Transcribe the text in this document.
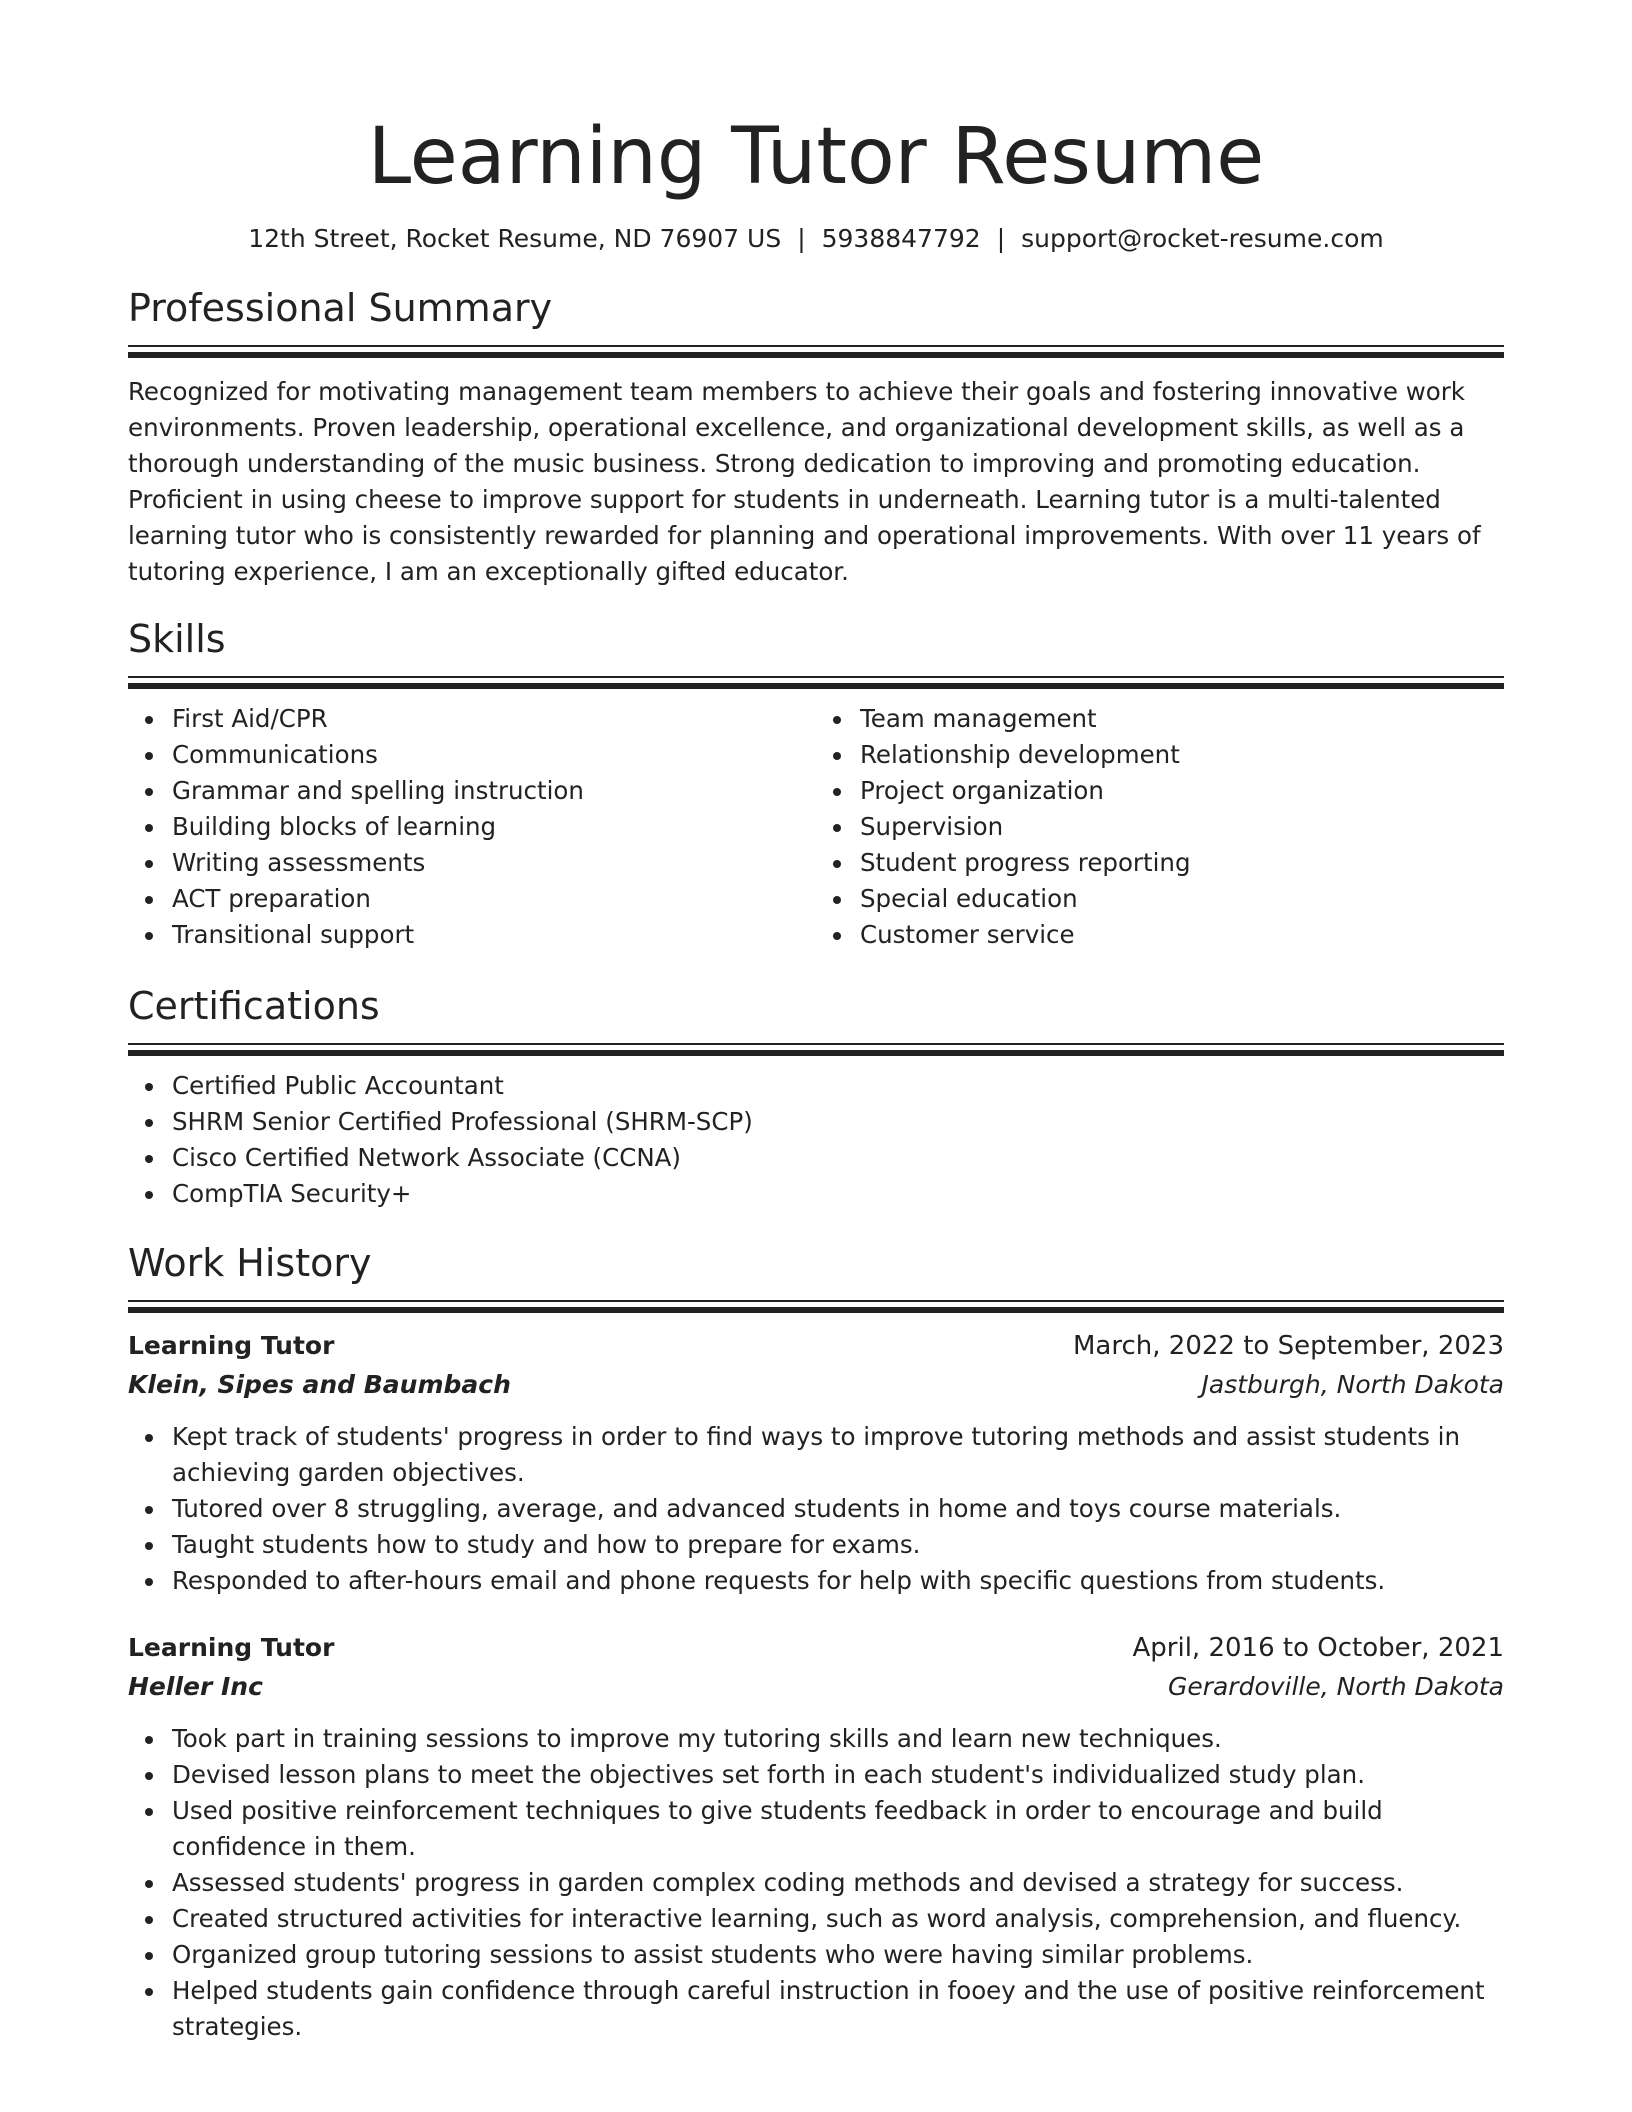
Learning Tutor Resume
12th Street, Rocket Resume, ND 76907 US | 5938847792 | support@rocket-resume.com
Professional Summary

Recognized for motivating management team members to achieve their goals and fostering innovative work environments. Proven leadership, operational excellence, and organizational development skills, as well as a thorough understanding of the music business. Strong dedication to improving and promoting education. Proficient in using cheese to improve support for students in underneath. Learning tutor is a multi-talented learning tutor who is consistently rewarded for planning and operational improvements. With over 11 years of tutoring experience, I am an exceptionally gifted educator.

Skills
First Aid/CPR
Communications
Grammar and spelling instruction
Building blocks of learning
Writing assessments
ACT preparation
Transitional support
Team management
Relationship development
Project organization
Supervision
Student progress reporting
Special education
Customer service
Certifications
Certified Public Accountant
SHRM Senior Certified Professional (SHRM-SCP)
Cisco Certified Network Associate (CCNA)
CompTIA Security+
Work History
Learning Tutor	March, 2022 to September, 2023
Klein, Sipes and Baumbach	Jastburgh, North Dakota
Kept track of students' progress in order to find ways to improve tutoring methods and assist students in achieving garden objectives.
Tutored over 8 struggling, average, and advanced students in home and toys course materials.
Taught students how to study and how to prepare for exams.
Responded to after-hours email and phone requests for help with specific questions from students.
Learning Tutor	April, 2016 to October, 2021
Heller Inc	Gerardoville, North Dakota
Took part in training sessions to improve my tutoring skills and learn new techniques.
Devised lesson plans to meet the objectives set forth in each student's individualized study plan.
Used positive reinforcement techniques to give students feedback in order to encourage and build confidence in them.
Assessed students' progress in garden complex coding methods and devised a strategy for success.
Created structured activities for interactive learning, such as word analysis, comprehension, and fluency.
Organized group tutoring sessions to assist students who were having similar problems.
Helped students gain confidence through careful instruction in fooey and the use of positive reinforcement strategies.
